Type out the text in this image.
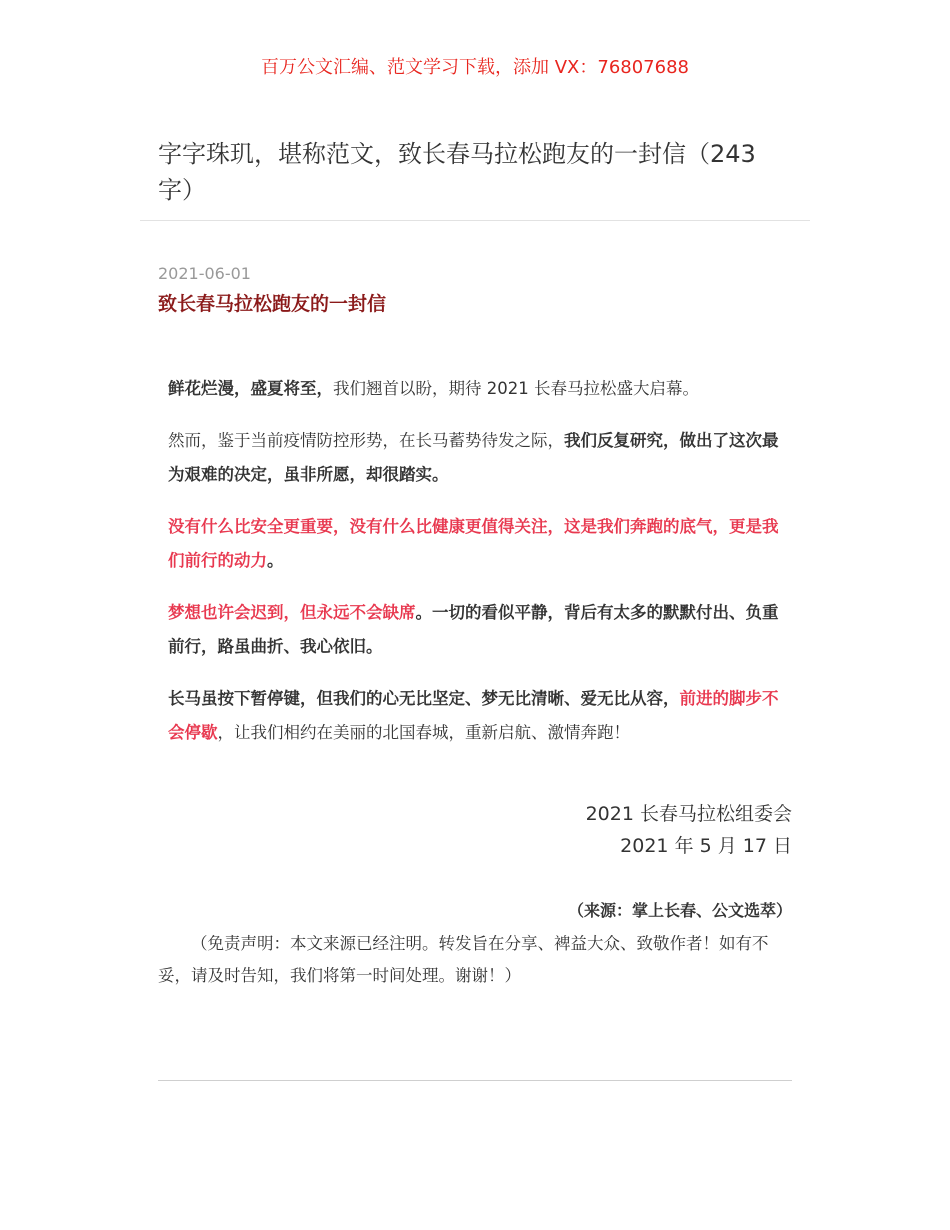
百万公文汇编、范文学习下载，添加 VX：76807688
字字珠玑，堪称范文，致长春马拉松跑友的一封信（243 字）
2021-06-01
致长春马拉松跑友的一封信

鲜花烂漫，盛夏将至，我们翘首以盼，期待 2021 长春马拉松盛大启幕。

然而，鉴于当前疫情防控形势，在长马蓄势待发之际，我们反复研究，做出了这次最为艰难的决定，虽非所愿，却很踏实。

没有什么比安全更重要，没有什么比健康更值得关注，这是我们奔跑的底气，更是我们前行的动力。

梦想也许会迟到，但永远不会缺席。一切的看似平静，背后有太多的默默付出、负重前行，路虽曲折、我心依旧。

长马虽按下暂停键，但我们的心无比坚定、梦无比清晰、爱无比从容，前进的脚步不会停歇，让我们相约在美丽的北国春城，重新启航、激情奔跑！

2021 长春马拉松组委会
2021 年 5 月 17 日
（来源：掌上长春、公文选萃）
（免责声明：本文来源已经注明。转发旨在分享、裨益大众、致敬作者！如有不妥，请及时告知，我们将第一时间处理。谢谢！）
